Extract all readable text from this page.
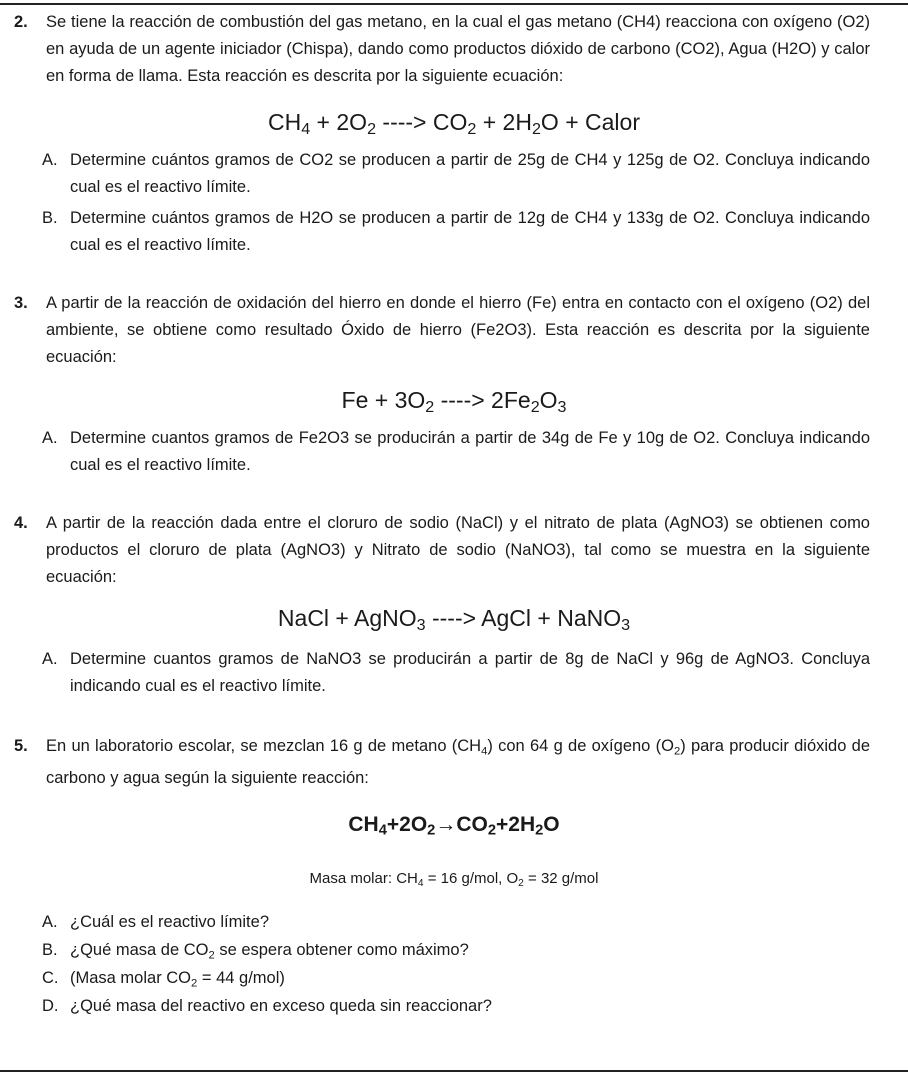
2. Se tiene la reacción de combustión del gas metano, en la cual el gas metano (CH4) reacciona con oxígeno (O2) en ayuda de un agente iniciador (Chispa), dando como productos dióxido de carbono (CO2), Agua (H2O) y calor en forma de llama. Esta reacción es descrita por la siguiente ecuación:
$CH_4 + 2O_2$ ----> $CO_2 + 2H_2O$ + Calor
A. Determine cuántos gramos de CO2 se producen a partir de 25g de CH4 y 125g de O2. Concluya indicando cual es el reactivo límite.
B. Determine cuántos gramos de H2O se producen a partir de 12g de CH4 y 133g de O2. Concluya indicando cual es el reactivo límite.
3. A partir de la reacción de oxidación del hierro en donde el hierro (Fe) entra en contacto con el oxígeno (O2) del ambiente, se obtiene como resultado Óxido de hierro (Fe2O3). Esta reacción es descrita por la siguiente ecuación:
$Fe + 3O_2$ ----> $2Fe_2O_3$
A. Determine cuantos gramos de Fe2O3 se producirán a partir de 34g de Fe y 10g de O2. Concluya indicando cual es el reactivo límite.
4. A partir de la reacción dada entre el cloruro de sodio (NaCl) y el nitrato de plata (AgNO3) se obtienen como productos el cloruro de plata (AgNO3) y Nitrato de sodio (NaNO3), tal como se muestra en la siguiente ecuación:
NaCl + AgNO$_3$ ----> AgCl + NaNO$_3$
A. Determine cuantos gramos de NaNO3 se producirán a partir de 8g de NaCl y 96g de AgNO3. Concluya indicando cual es el reactivo límite.
5. En un laboratorio escolar, se mezclan 16 g de metano $(CH_4)$ con 64 g de oxígeno $(O_2)$ para producir dióxido de carbono y agua según la siguiente reacción:
$CH_4+2O_2\to CO_2+2H_2O$
Masa molar: $CH_4 = 16$ g/mol, $O_2 = 32$ g/mol
A. ¿Cuál es el reactivo límite?
B. ¿Qué masa de $CO_2$ se espera obtener como máximo?
C. (Masa molar $CO_2 = 44$ g/mol)
D. ¿Qué masa del reactivo en exceso queda sin reaccionar?
